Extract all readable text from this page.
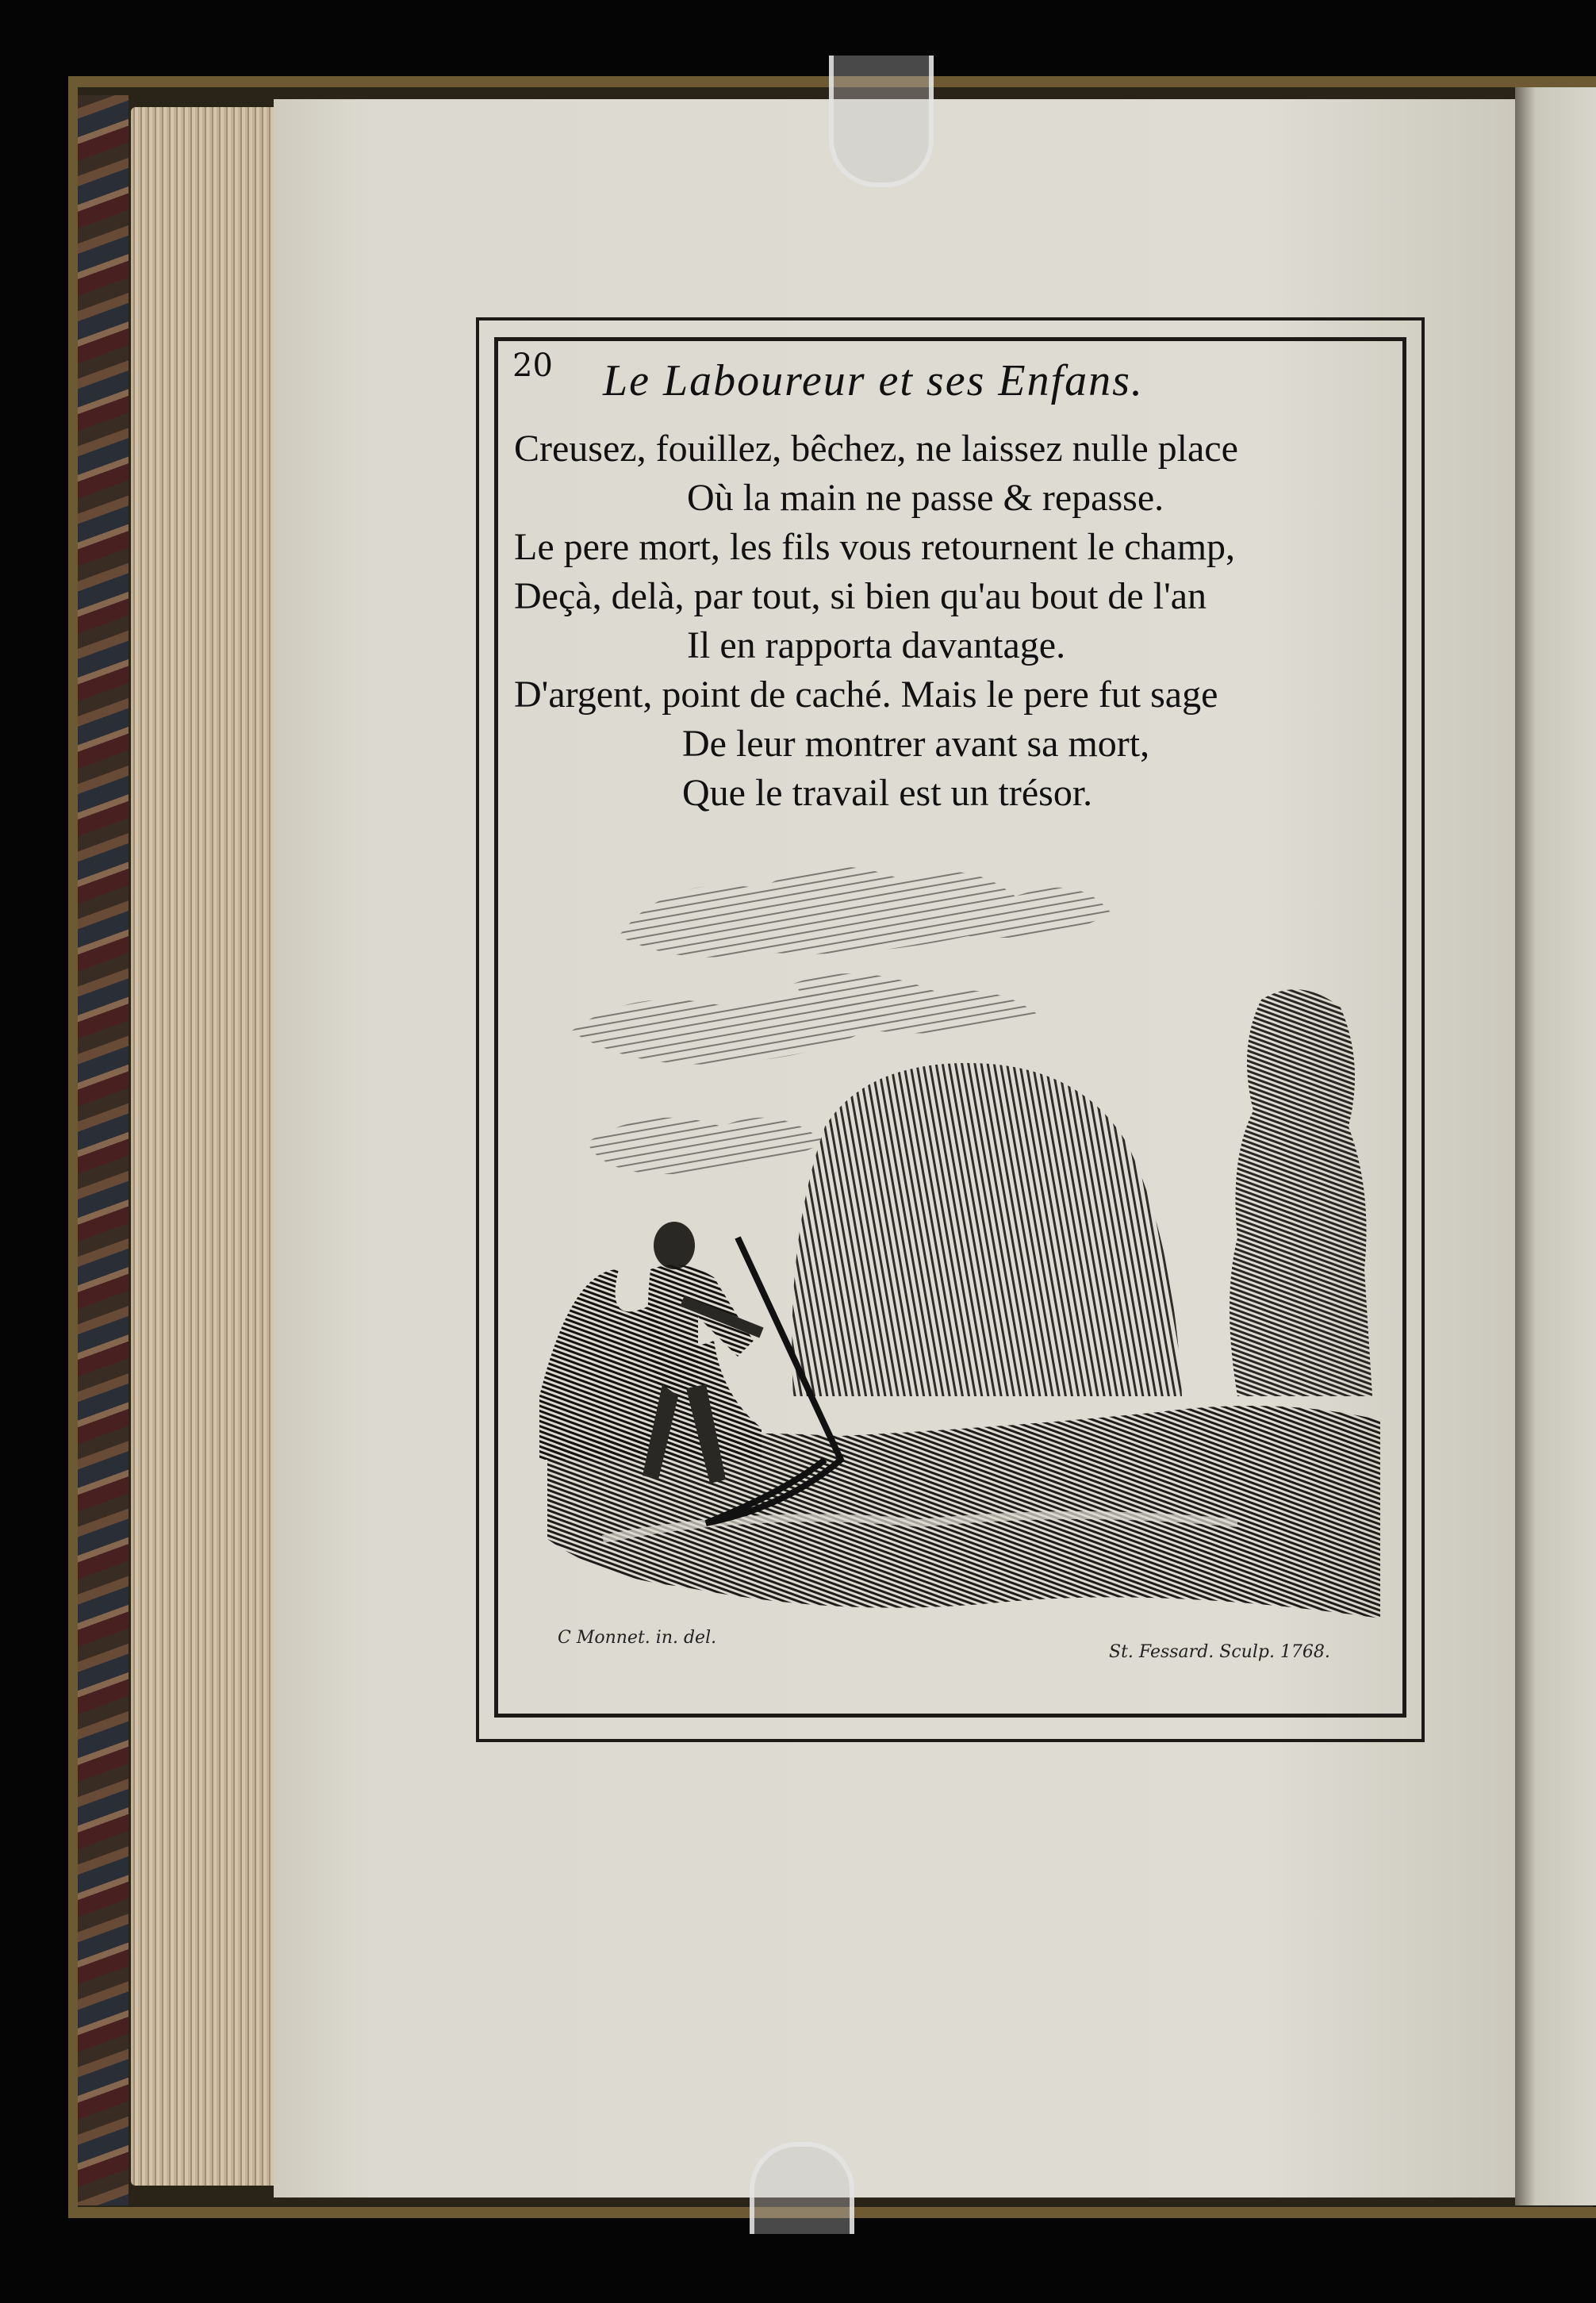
20 Le Laboureur et ses Enfans.
Creusez, fouillez, bêchez, ne laissez nulle place
Où la main ne passe & repasse.
Le pere mort, les fils vous retournent le champ,
Deçà, delà, par tout, si bien qu'au bout de l'an
Il en rapporta davantage.
D'argent, point de caché. Mais le pere fut sage
De leur montrer avant sa mort,
Que le travail est un trésor.
C Monnet. in. del.
St. Fessard. Sculp. 1768.
